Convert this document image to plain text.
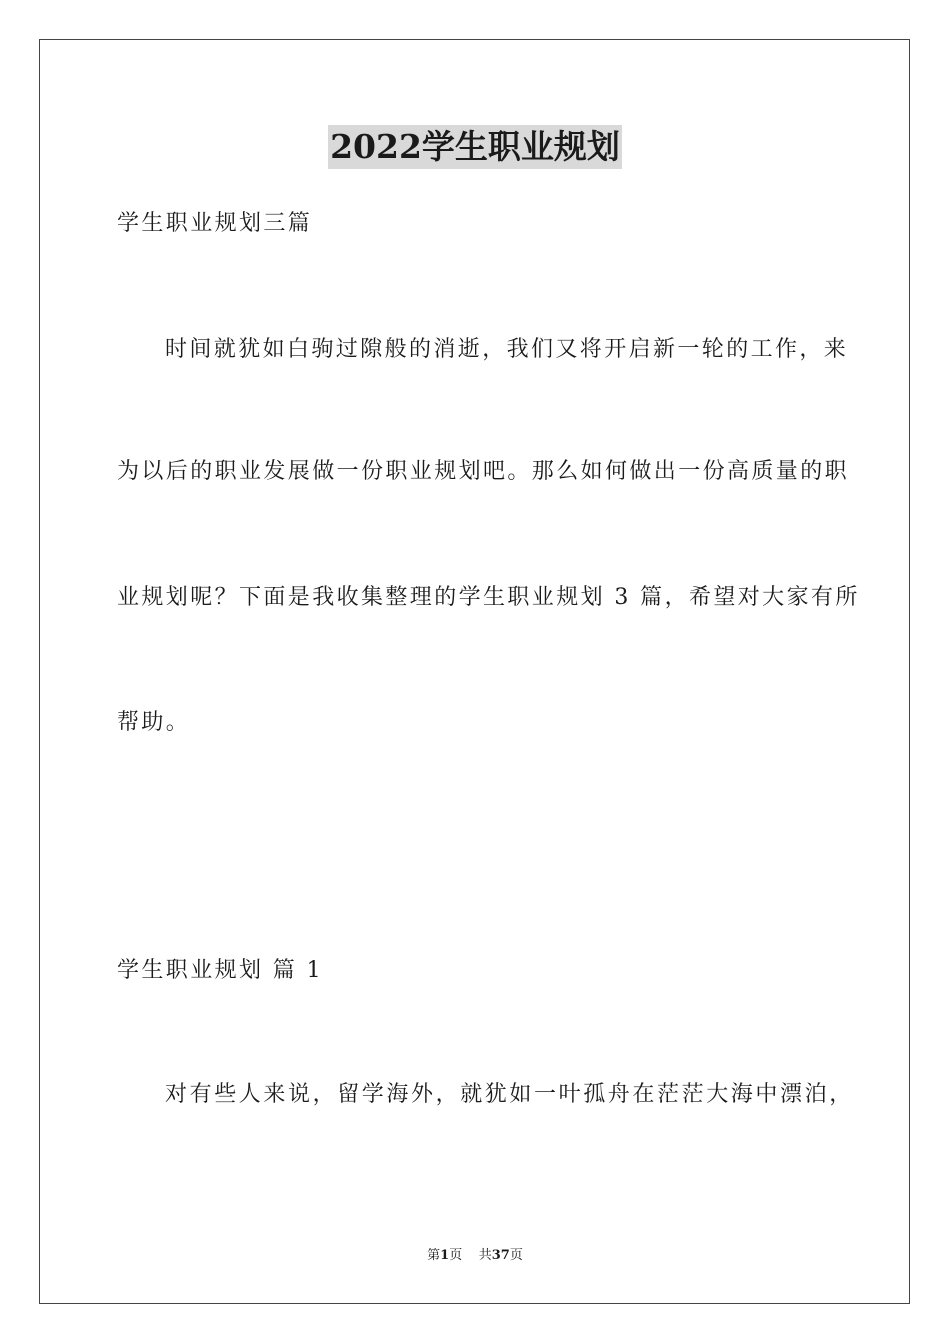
2022学生职业规划
学生职业规划三篇
时间就犹如白驹过隙般的消逝，我们又将开启新一轮的工作，来
为以后的职业发展做一份职业规划吧。那么如何做出一份高质量的职
业规划呢？下面是我收集整理的学生职业规划 3 篇，希望对大家有所
帮助。
学生职业规划 篇 1
对有些人来说，留学海外，就犹如一叶孤舟在茫茫大海中漂泊，
第1页 共37页
